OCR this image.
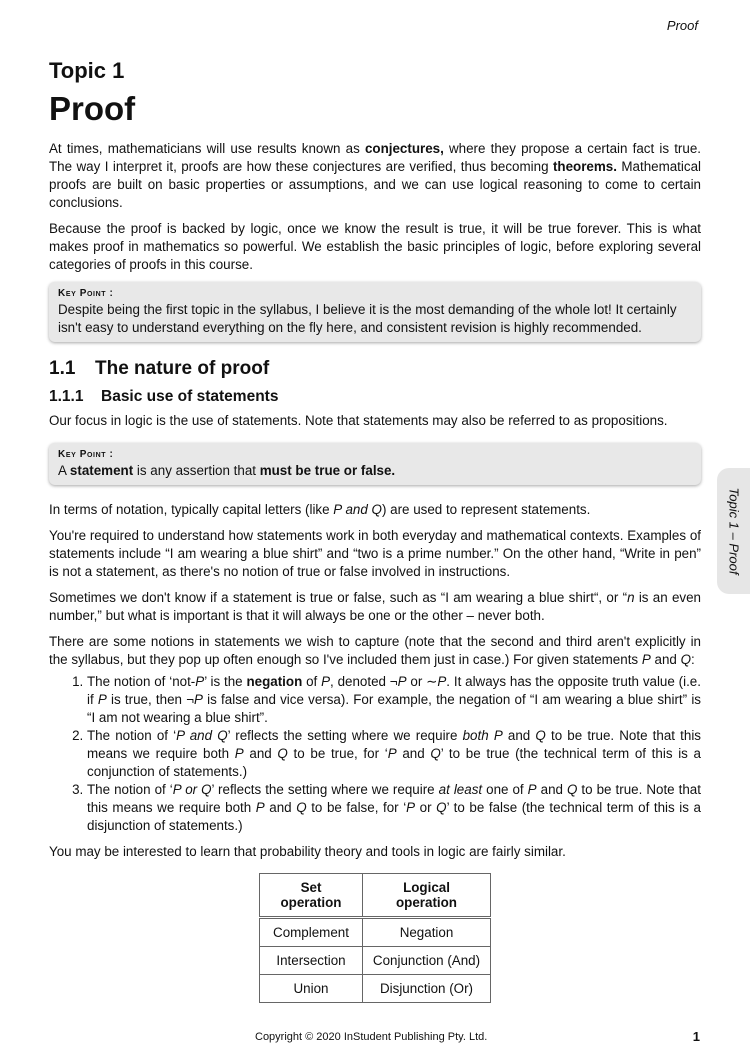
Proof
Topic 1
Proof

At times, mathematicians will use results known as conjectures, where they propose a certain fact is true. The way I interpret it, proofs are how these conjectures are verified, thus becoming theorems. Mathematical proofs are built on basic properties or assumptions, and we can use logical reasoning to come to certain conclusions.

Because the proof is backed by logic, once we know the result is true, it will be true forever. This is what makes proof in mathematics so powerful. We establish the basic principles of logic, before exploring several categories of proofs in this course.

Key Point :
Despite being the first topic in the syllabus, I believe it is the most demanding of the whole lot! It certainly isn't easy to understand everything on the fly here, and consistent revision is highly recommended.
1.1 The nature of proof
1.1.1 Basic use of statements

Our focus in logic is the use of statements. Note that statements may also be referred to as propositions.

Key Point :
A statement is any assertion that must be true or false.

In terms of notation, typically capital letters (like P and Q) are used to represent statements.

You're required to understand how statements work in both everyday and mathematical contexts. Examples of statements include “I am wearing a blue shirt” and “two is a prime number.” On the other hand, “Write in pen” is not a statement, as there's no notion of true or false involved in instructions.

Sometimes we don't know if a statement is true or false, such as “I am wearing a blue shirt“, or “n is an even number,” but what is important is that it will always be one or the other – never both.

There are some notions in statements we wish to capture (note that the second and third aren't explicitly in the syllabus, but they pop up often enough so I've included them just in case.) For given statements P and Q:

1. The notion of ‘not-P’ is the negation of P, denoted ¬P or ∼P. It always has the opposite truth value (i.e. if P is true, then ¬P is false and vice versa). For example, the negation of “I am wearing a blue shirt” is “I am not wearing a blue shirt”.
2. The notion of ‘P and Q’ reflects the setting where we require both P and Q to be true. Note that this means we require both P and Q to be true, for ‘P and Q’ to be true (the technical term of this is a conjunction of statements.)
3. The notion of ‘P or Q’ reflects the setting where we require at least one of P and Q to be true. Note that this means we require both P and Q to be false, for ‘P or Q’ to be false (the technical term of this is a disjunction of statements.)

You may be interested to learn that probability theory and tools in logic are fairly similar.

Set operation	Logical operation
Complement	Negation
Intersection	Conjunction (And)
Union	Disjunction (Or)
Topic 1 – Proof
Copyright © 2020 InStudent Publishing Pty. Ltd.	1
